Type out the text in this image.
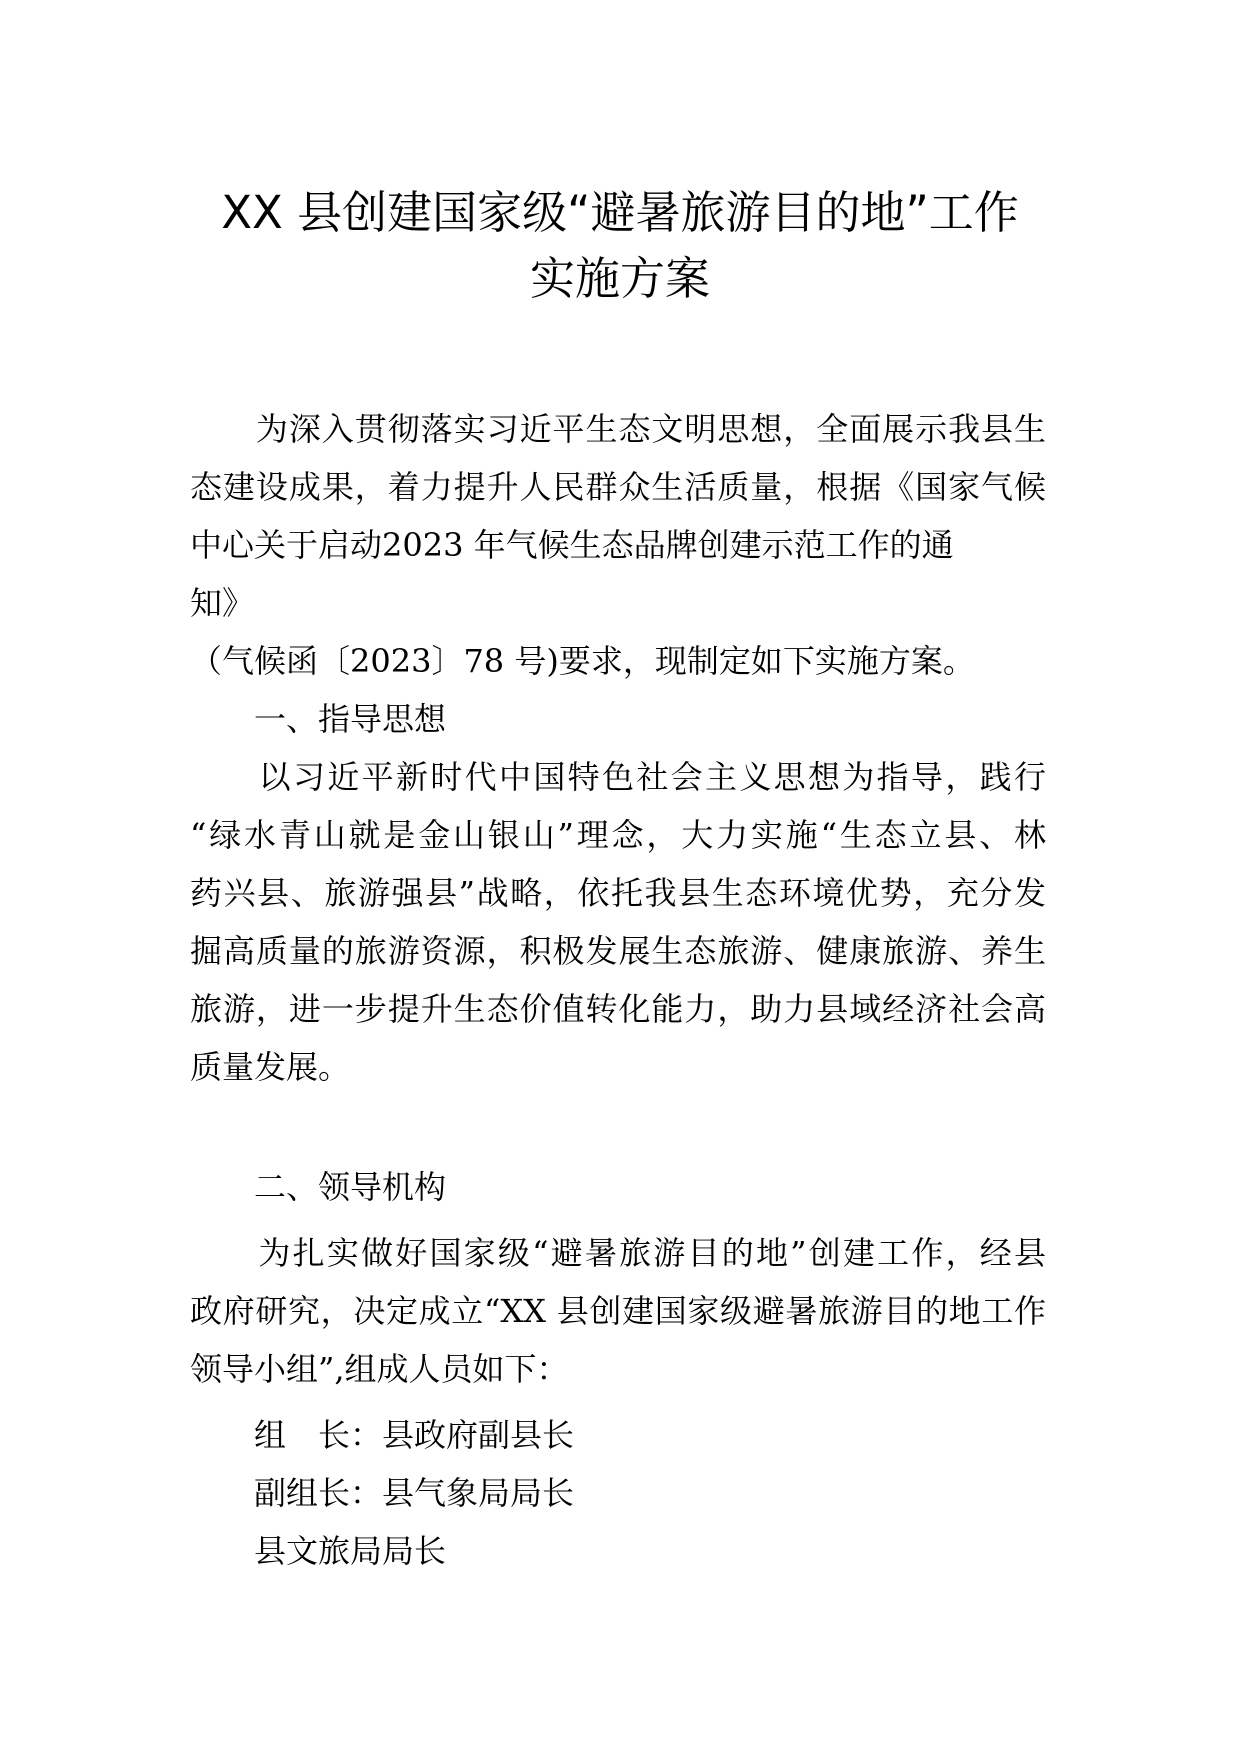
XX 县创建国家级“避暑旅游目的地”工作
实施方案
　　为深入贯彻落实习近平生态文明思想，全面展示我县生
态建设成果，着力提升人民群众生活质量，根据《国家气候
中心关于启动2023 年气候生态品牌创建示范工作的通
知》
（气候函〔2023〕78 号)要求，现制定如下实施方案。
　　一、指导思想
　　以习近平新时代中国特色社会主义思想为指导，践行
“绿水青山就是金山银山”理念，大力实施“生态立县、林
药兴县、旅游强县”战略，依托我县生态环境优势，充分发
掘高质量的旅游资源，积极发展生态旅游、健康旅游、养生
旅游，进一步提升生态价值转化能力，助力县域经济社会高
质量发展。
　　二、领导机构
　　为扎实做好国家级“避暑旅游目的地”创建工作，经县
政府研究，决定成立“XX 县创建国家级避暑旅游目的地工作
领导小组”,组成人员如下：
　　组　长：县政府副县长
　　副组长：县气象局局长
　　县文旅局局长
